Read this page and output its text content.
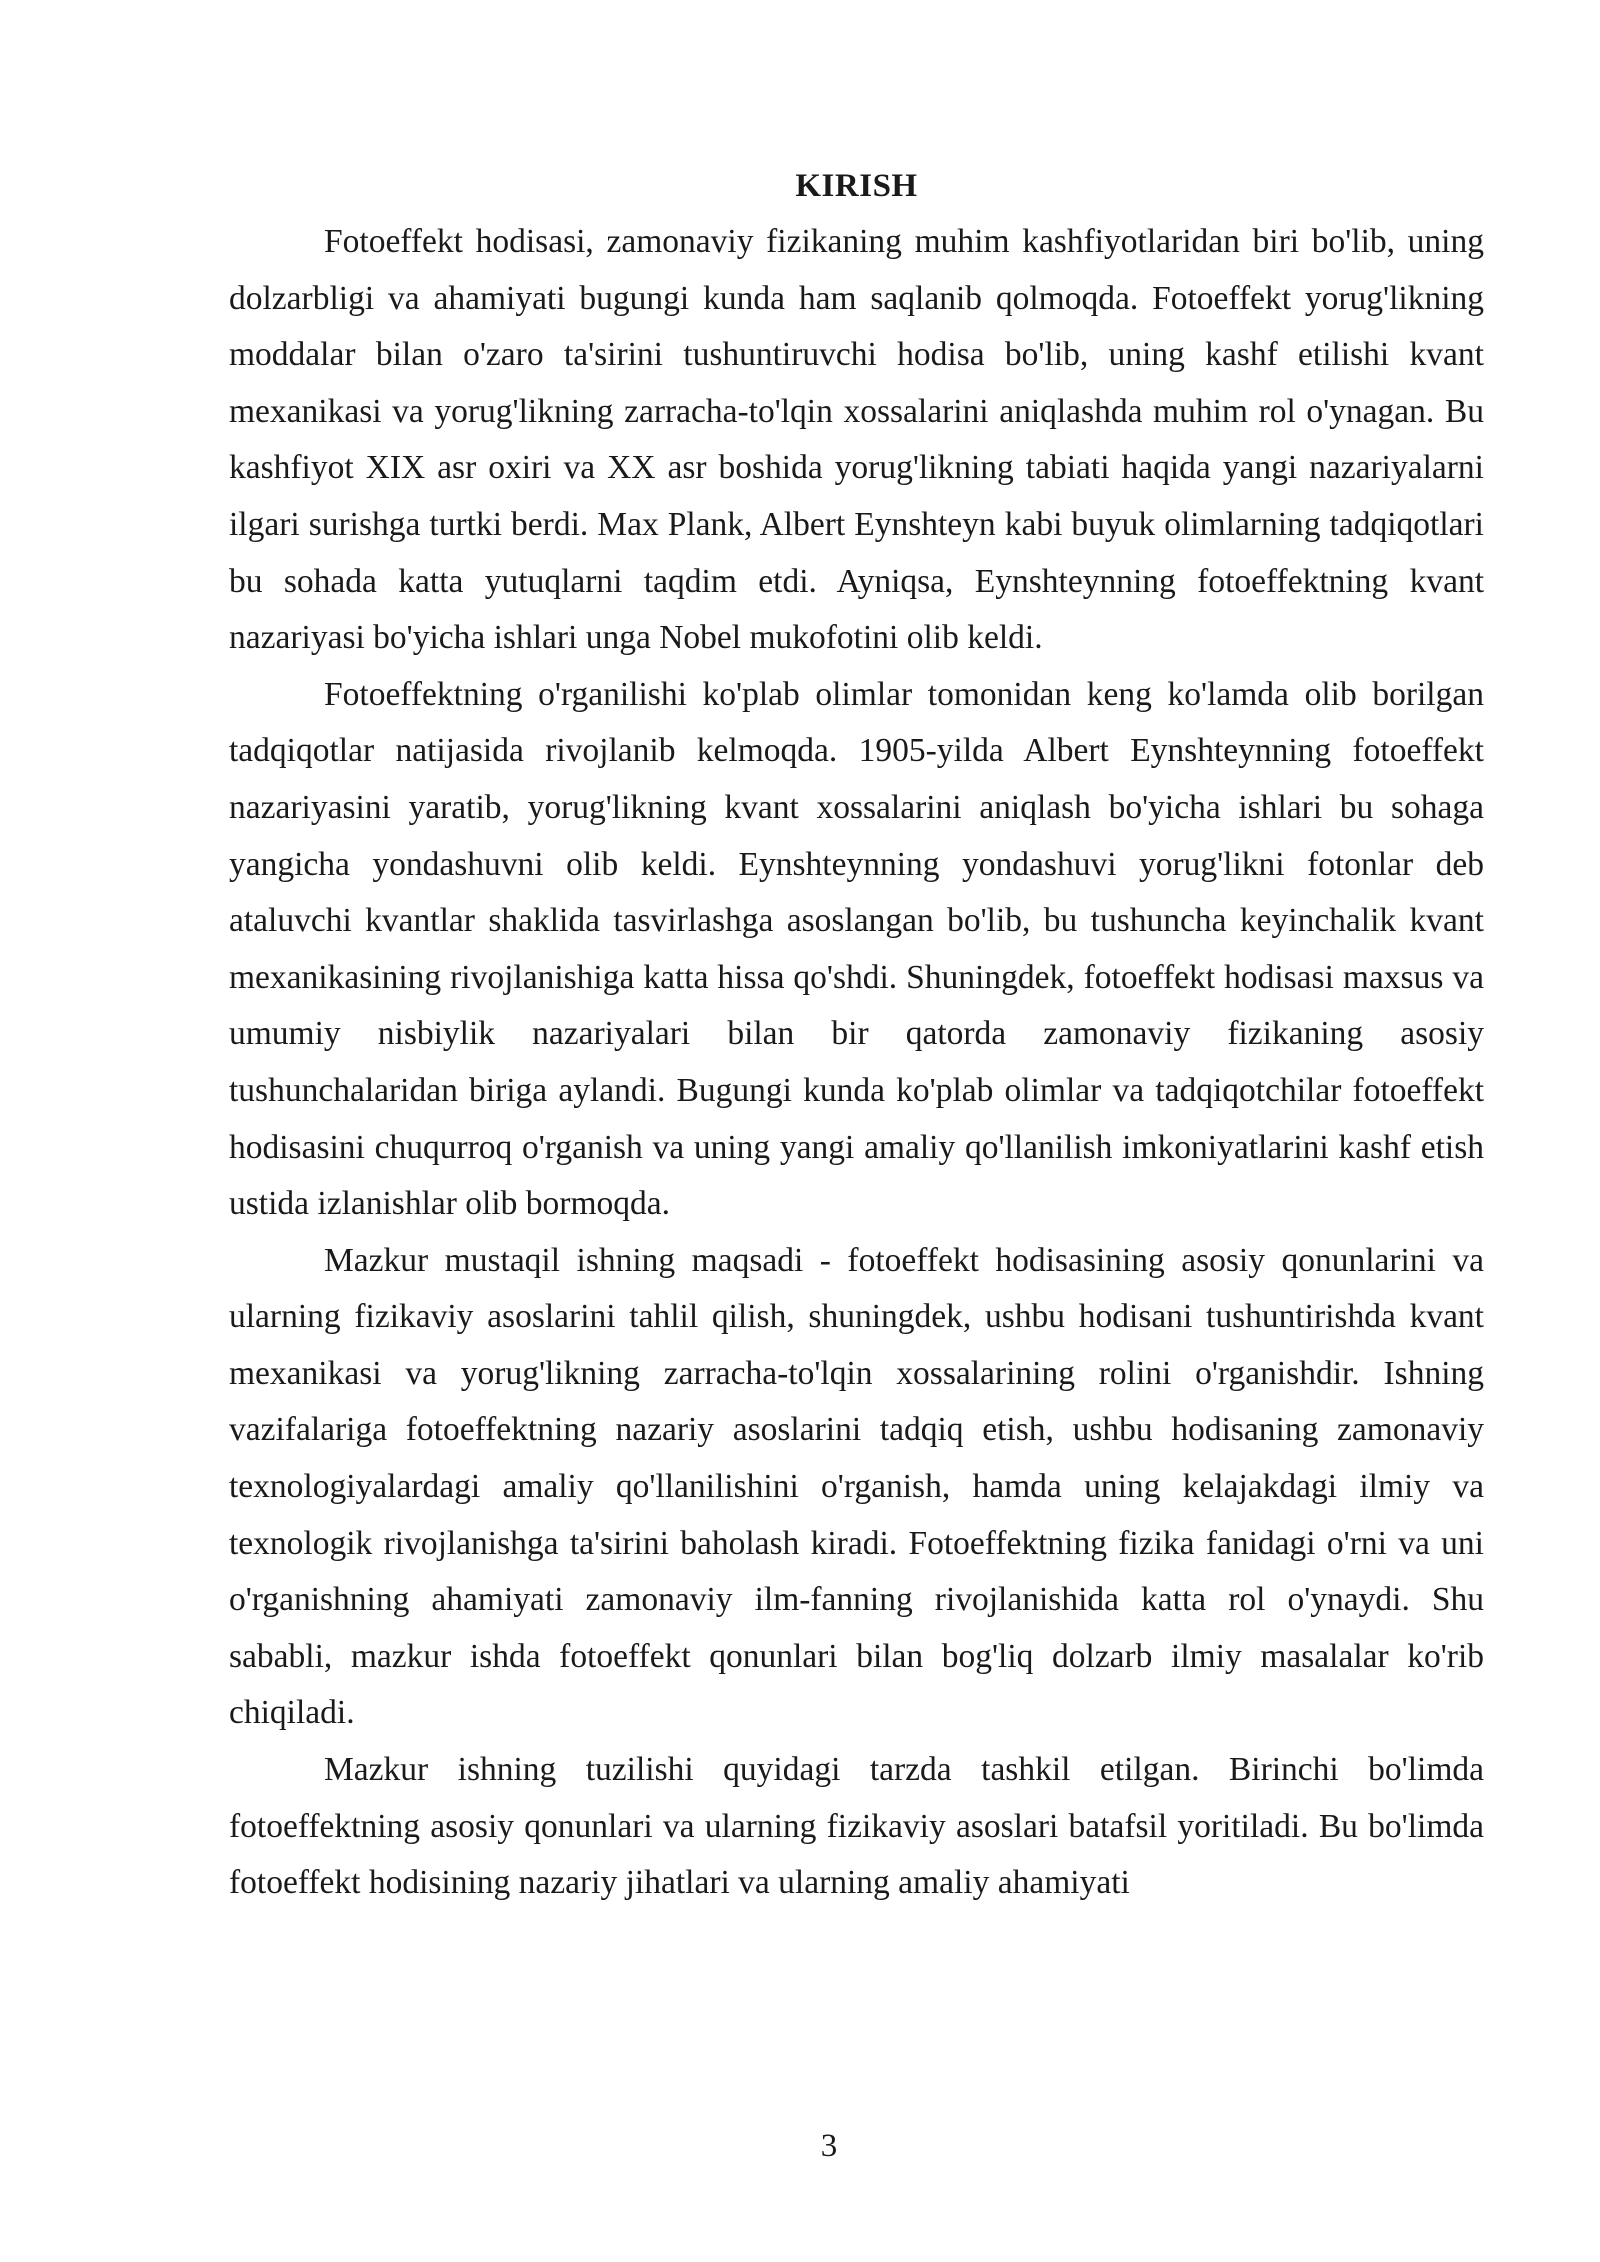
KIRISH

Fotoeffekt hodisasi, zamonaviy fizikaning muhim kashfiyotlaridan biri bo'lib, uning dolzarbligi va ahamiyati bugungi kunda ham saqlanib qolmoqda. Fotoeffekt yorug'likning moddalar bilan o'zaro ta'sirini tushuntiruvchi hodisa bo'lib, uning kashf etilishi kvant mexanikasi va yorug'likning zarracha-to'lqin xossalarini aniqlashda muhim rol o'ynagan. Bu kashfiyot XIX asr oxiri va XX asr boshida yorug'likning tabiati haqida yangi nazariyalarni ilgari surishga turtki berdi. Max Plank, Albert Eynshteyn kabi buyuk olimlarning tadqiqotlari bu sohada katta yutuqlarni taqdim etdi. Ayniqsa, Eynshteynning fotoeffektning kvant nazariyasi bo'yicha ishlari unga Nobel mukofotini olib keldi.

Fotoeffektning o'rganilishi ko'plab olimlar tomonidan keng ko'lamda olib borilgan tadqiqotlar natijasida rivojlanib kelmoqda. 1905-yilda Albert Eynshteynning fotoeffekt nazariyasini yaratib, yorug'likning kvant xossalarini aniqlash bo'yicha ishlari bu sohaga yangicha yondashuvni olib keldi. Eynshteynning yondashuvi yorug'likni fotonlar deb ataluvchi kvantlar shaklida tasvirlashga asoslangan bo'lib, bu tushuncha keyinchalik kvant mexanikasining rivojlanishiga katta hissa qo'shdi. Shuningdek, fotoeffekt hodisasi maxsus va umumiy nisbiylik nazariyalari bilan bir qatorda zamonaviy fizikaning asosiy tushunchalaridan biriga aylandi. Bugungi kunda ko'plab olimlar va tadqiqotchilar fotoeffekt hodisasini chuqurroq o'rganish va uning yangi amaliy qo'llanilish imkoniyatlarini kashf etish ustida izlanishlar olib bormoqda.

Mazkur mustaqil ishning maqsadi - fotoeffekt hodisasining asosiy qonunlarini va ularning fizikaviy asoslarini tahlil qilish, shuningdek, ushbu hodisani tushuntirishda kvant mexanikasi va yorug'likning zarracha-to'lqin xossalarining rolini o'rganishdir. Ishning vazifalariga fotoeffektning nazariy asoslarini tadqiq etish, ushbu hodisaning zamonaviy texnologiyalardagi amaliy qo'llanilishini o'rganish, hamda uning kelajakdagi ilmiy va texnologik rivojlanishga ta'sirini baholash kiradi. Fotoeffektning fizika fanidagi o'rni va uni o'rganishning ahamiyati zamonaviy ilm-fanning rivojlanishida katta rol o'ynaydi. Shu sababli, mazkur ishda fotoeffekt qonunlari bilan bog'liq dolzarb ilmiy masalalar ko'rib chiqiladi.

Mazkur ishning tuzilishi quyidagi tarzda tashkil etilgan. Birinchi bo'limda fotoeffektning asosiy qonunlari va ularning fizikaviy asoslari batafsil yoritiladi. Bu bo'limda fotoeffekt hodisining nazariy jihatlari va ularning amaliy ahamiyati

3
